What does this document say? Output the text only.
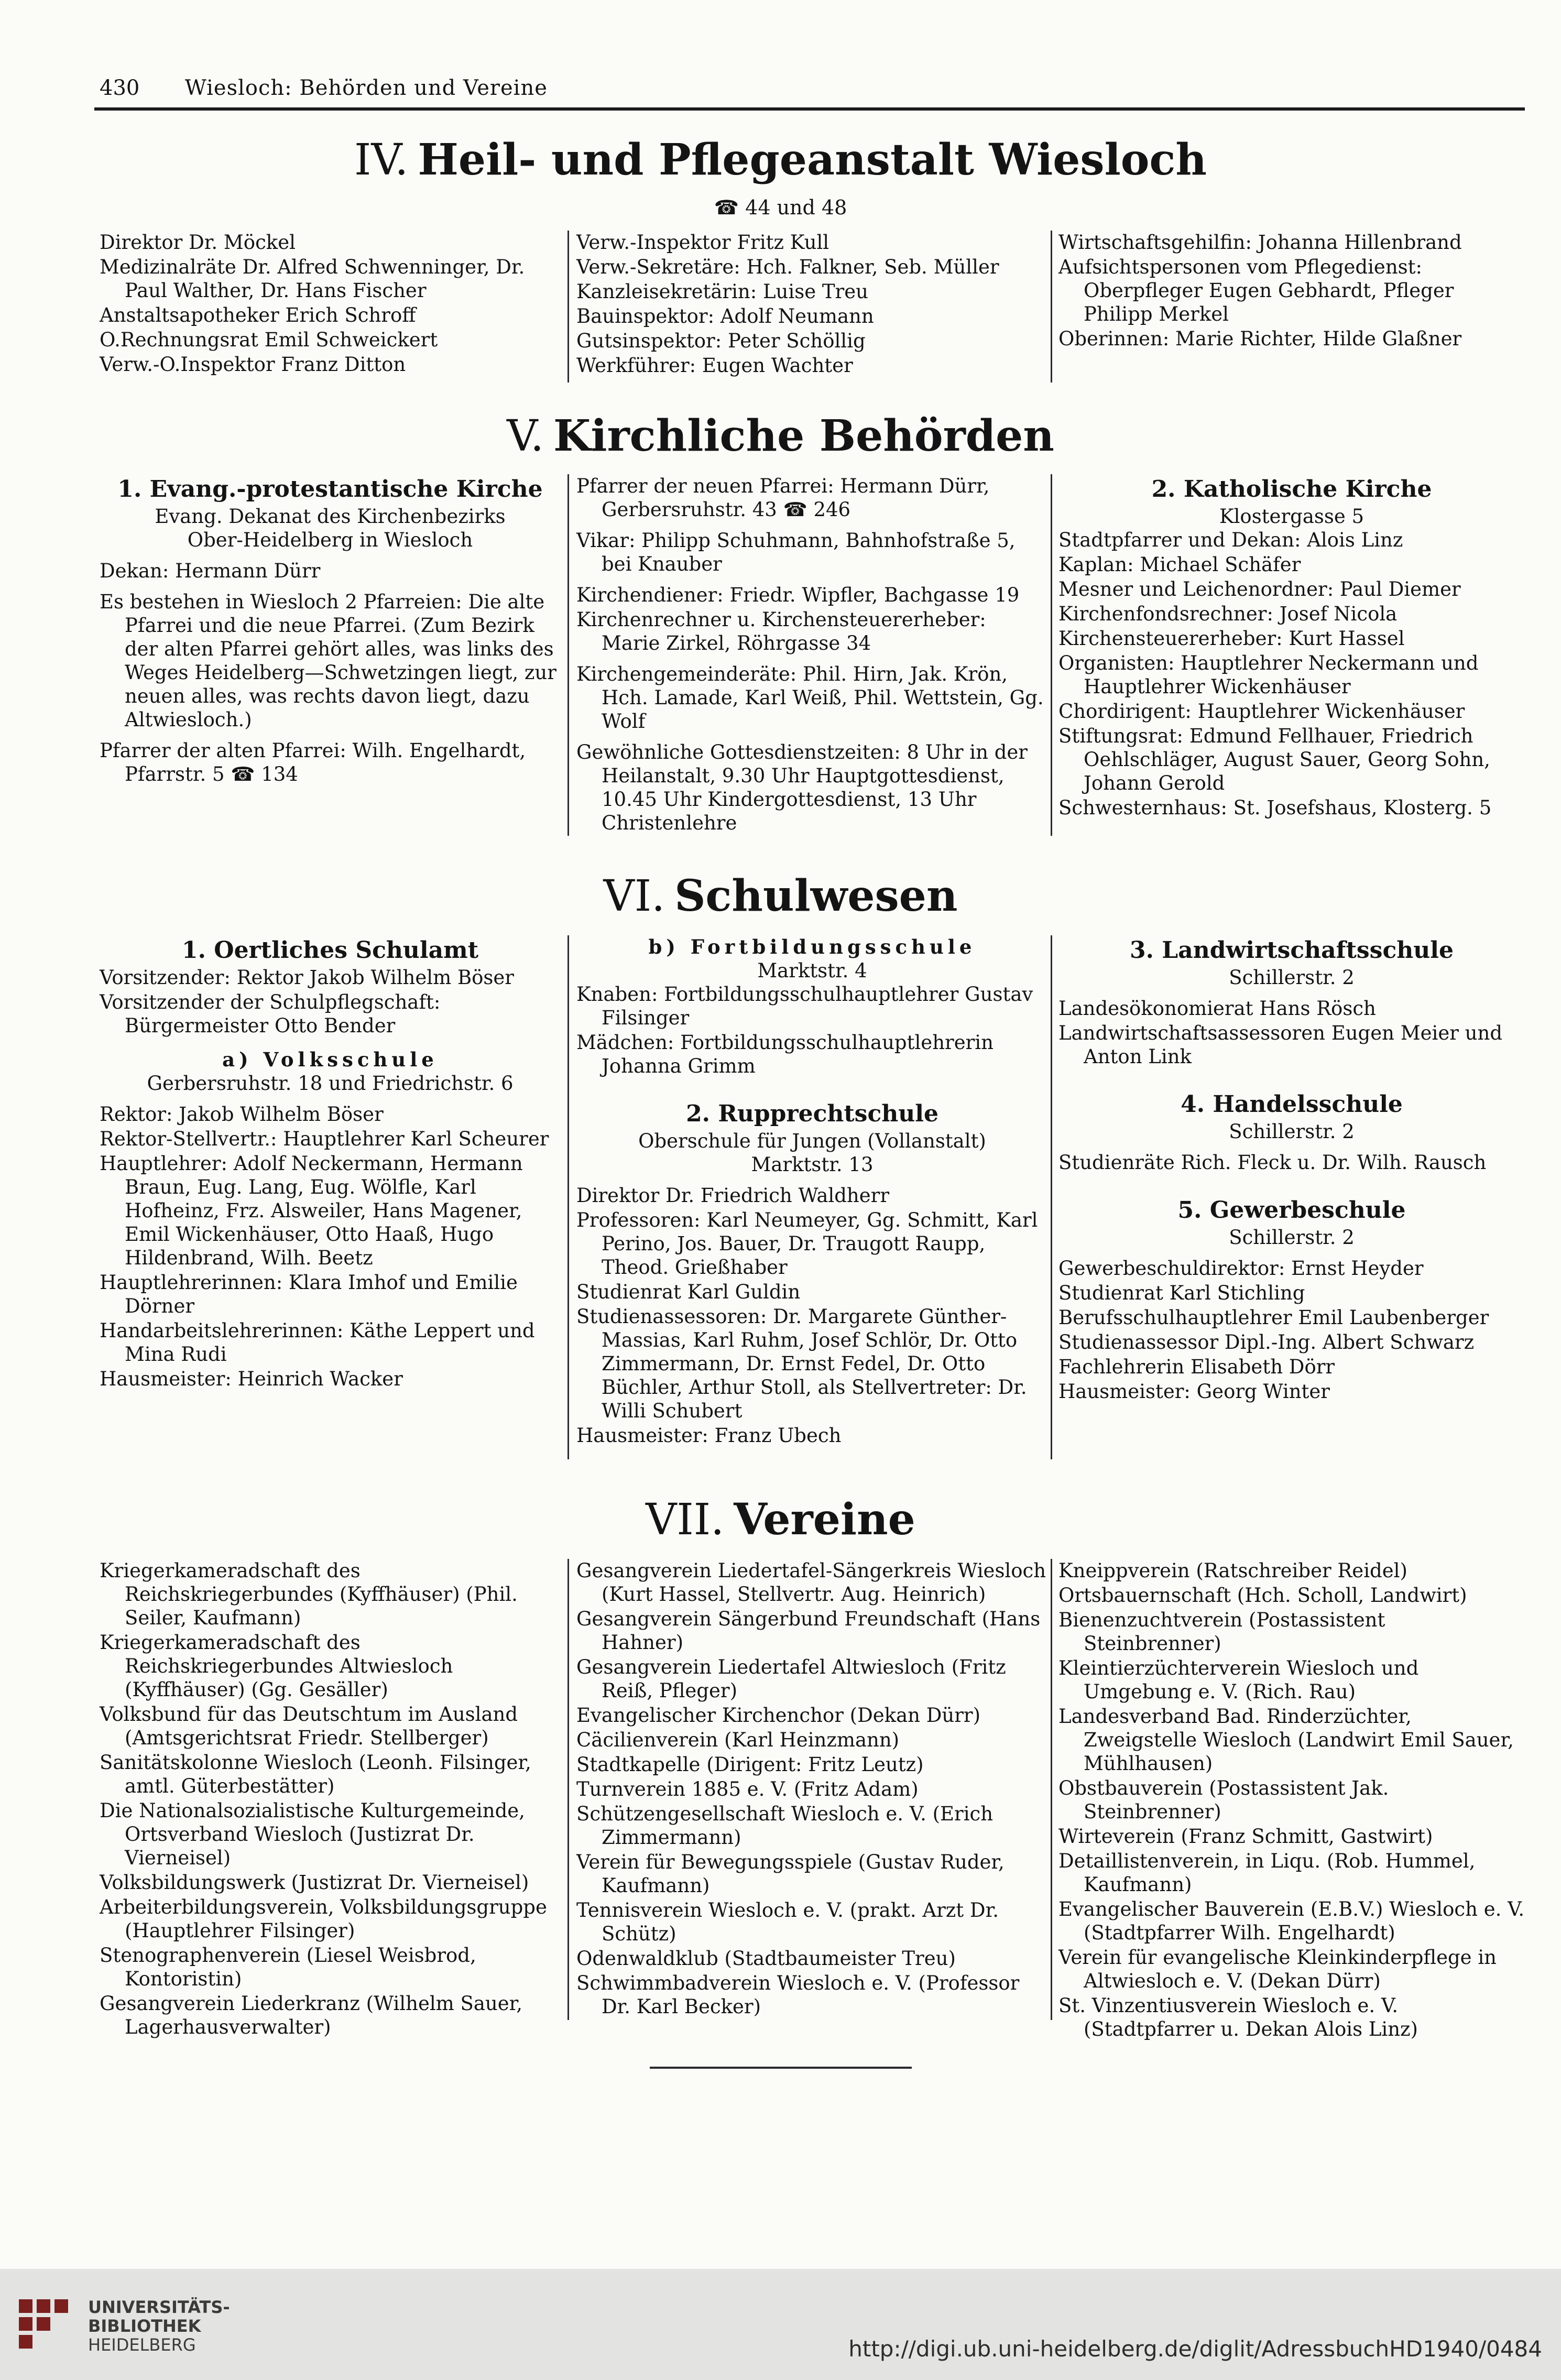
430 Wiesloch: Behörden und Vereine
IV. Heil- und Pflegeanstalt Wiesloch
☎ 44 und 48

Direktor Dr. Möckel

Medizinalräte Dr. Alfred Schwenninger, Dr. Paul Walther, Dr. Hans Fischer

Anstaltsapotheker Erich Schroff

O.Rechnungsrat Emil Schweickert

Verw.-O.Inspektor Franz Ditton

Verw.-Inspektor Fritz Kull

Verw.-Sekretäre: Hch. Falkner, Seb. Müller

Kanzleisekretärin: Luise Treu

Bauinspektor: Adolf Neumann

Gutsinspektor: Peter Schöllig

Werkführer: Eugen Wachter

Wirtschaftsgehilfin: Johanna Hillenbrand

Aufsichtspersonen vom Pflegedienst: Oberpfleger Eugen Gebhardt, Pfleger Philipp Merkel

Oberinnen: Marie Richter, Hilde Glaßner

V. Kirchliche Behörden

1. Evang.-protestantische Kirche

Evang. Dekanat des Kirchenbezirks

Ober-Heidelberg in Wiesloch

Dekan: Hermann Dürr

Es bestehen in Wiesloch 2 Pfarreien: Die alte Pfarrei und die neue Pfarrei. (Zum Bezirk der alten Pfarrei gehört alles, was links des Weges Heidelberg—Schwetzingen liegt, zur neuen alles, was rechts davon liegt, dazu Altwiesloch.)

Pfarrer der alten Pfarrei: Wilh. Engelhardt, Pfarrstr. 5 ☎ 134

Pfarrer der neuen Pfarrei: Hermann Dürr, Gerbersruhstr. 43 ☎ 246

Vikar: Philipp Schuhmann, Bahnhofstraße 5, bei Knauber

Kirchendiener: Friedr. Wipfler, Bachgasse 19

Kirchenrechner u. Kirchensteuererheber: Marie Zirkel, Röhrgasse 34

Kirchengemeinderäte: Phil. Hirn, Jak. Krön, Hch. Lamade, Karl Weiß, Phil. Wettstein, Gg. Wolf

Gewöhnliche Gottesdienstzeiten: 8 Uhr in der Heilanstalt, 9.30 Uhr Hauptgottesdienst, 10.45 Uhr Kindergottesdienst, 13 Uhr Christenlehre

2. Katholische Kirche

Klostergasse 5

Stadtpfarrer und Dekan: Alois Linz

Kaplan: Michael Schäfer

Mesner und Leichenordner: Paul Diemer

Kirchenfondsrechner: Josef Nicola

Kirchensteuererheber: Kurt Hassel

Organisten: Hauptlehrer Neckermann und Hauptlehrer Wickenhäuser

Chordirigent: Hauptlehrer Wickenhäuser

Stiftungsrat: Edmund Fellhauer, Friedrich Oehlschläger, August Sauer, Georg Sohn, Johann Gerold

Schwesternhaus: St. Josefshaus, Klosterg. 5

VI. Schulwesen

1. Oertliches Schulamt

Vorsitzender: Rektor Jakob Wilhelm Böser

Vorsitzender der Schulpflegschaft: Bürgermeister Otto Bender

a) Volksschule

Gerbersruhstr. 18 und Friedrichstr. 6

Rektor: Jakob Wilhelm Böser

Rektor-Stellvertr.: Hauptlehrer Karl Scheurer

Hauptlehrer: Adolf Neckermann, Hermann Braun, Eug. Lang, Eug. Wölfle, Karl Hofheinz, Frz. Alsweiler, Hans Magener, Emil Wickenhäuser, Otto Haaß, Hugo Hildenbrand, Wilh. Beetz

Hauptlehrerinnen: Klara Imhof und Emilie Dörner

Handarbeitslehrerinnen: Käthe Leppert und Mina Rudi

Hausmeister: Heinrich Wacker

b) Fortbildungsschule

Marktstr. 4

Knaben: Fortbildungsschulhauptlehrer Gustav Filsinger

Mädchen: Fortbildungsschulhauptlehrerin Johanna Grimm

2. Rupprechtschule

Oberschule für Jungen (Vollanstalt)

Marktstr. 13

Direktor Dr. Friedrich Waldherr

Professoren: Karl Neumeyer, Gg. Schmitt, Karl Perino, Jos. Bauer, Dr. Traugott Raupp, Theod. Grießhaber

Studienrat Karl Guldin

Studienassessoren: Dr. Margarete Günther-Massias, Karl Ruhm, Josef Schlör, Dr. Otto Zimmermann, Dr. Ernst Fedel, Dr. Otto Büchler, Arthur Stoll, als Stellvertreter: Dr. Willi Schubert

Hausmeister: Franz Ubech

3. Landwirtschaftsschule

Schillerstr. 2

Landesökonomierat Hans Rösch

Landwirtschaftsassessoren Eugen Meier und Anton Link

4. Handelsschule

Schillerstr. 2

Studienräte Rich. Fleck u. Dr. Wilh. Rausch

5. Gewerbeschule

Schillerstr. 2

Gewerbeschuldirektor: Ernst Heyder

Studienrat Karl Stichling

Berufsschulhauptlehrer Emil Laubenberger

Studienassessor Dipl.-Ing. Albert Schwarz

Fachlehrerin Elisabeth Dörr

Hausmeister: Georg Winter

VII. Vereine

Kriegerkameradschaft des Reichskriegerbundes (Kyffhäuser) (Phil. Seiler, Kaufmann)

Kriegerkameradschaft des Reichskriegerbundes Altwiesloch (Kyffhäuser) (Gg. Gesäller)

Volksbund für das Deutschtum im Ausland (Amtsgerichtsrat Friedr. Stellberger)

Sanitätskolonne Wiesloch (Leonh. Filsinger, amtl. Güterbestätter)

Die Nationalsozialistische Kulturgemeinde, Ortsverband Wiesloch (Justizrat Dr. Vierneisel)

Volksbildungswerk (Justizrat Dr. Vierneisel)

Arbeiterbildungsverein, Volksbildungsgruppe (Hauptlehrer Filsinger)

Stenographenverein (Liesel Weisbrod, Kontoristin)

Gesangverein Liederkranz (Wilhelm Sauer, Lagerhausverwalter)

Gesangverein Liedertafel-Sängerkreis Wiesloch (Kurt Hassel, Stellvertr. Aug. Heinrich)

Gesangverein Sängerbund Freundschaft (Hans Hahner)

Gesangverein Liedertafel Altwiesloch (Fritz Reiß, Pfleger)

Evangelischer Kirchenchor (Dekan Dürr)

Cäcilienverein (Karl Heinzmann)

Stadtkapelle (Dirigent: Fritz Leutz)

Turnverein 1885 e. V. (Fritz Adam)

Schützengesellschaft Wiesloch e. V. (Erich Zimmermann)

Verein für Bewegungsspiele (Gustav Ruder, Kaufmann)

Tennisverein Wiesloch e. V. (prakt. Arzt Dr. Schütz)

Odenwaldklub (Stadtbaumeister Treu)

Schwimmbadverein Wiesloch e. V. (Professor Dr. Karl Becker)

Kneippverein (Ratschreiber Reidel)

Ortsbauernschaft (Hch. Scholl, Landwirt)

Bienenzuchtverein (Postassistent Steinbrenner)

Kleintierzüchterverein Wiesloch und Umgebung e. V. (Rich. Rau)

Landesverband Bad. Rinderzüchter, Zweigstelle Wiesloch (Landwirt Emil Sauer, Mühlhausen)

Obstbauverein (Postassistent Jak. Steinbrenner)

Wirteverein (Franz Schmitt, Gastwirt)

Detaillistenverein, in Liqu. (Rob. Hummel, Kaufmann)

Evangelischer Bauverein (E.B.V.) Wiesloch e. V. (Stadtpfarrer Wilh. Engelhardt)

Verein für evangelische Kleinkinderpflege in Altwiesloch e. V. (Dekan Dürr)

St. Vinzentiusverein Wiesloch e. V. (Stadtpfarrer u. Dekan Alois Linz)

UNIVERSITÄTS-
BIBLIOTHEK
HEIDELBERG	http://digi.ub.uni-heidelberg.de/diglit/AdressbuchHD1940/0484
